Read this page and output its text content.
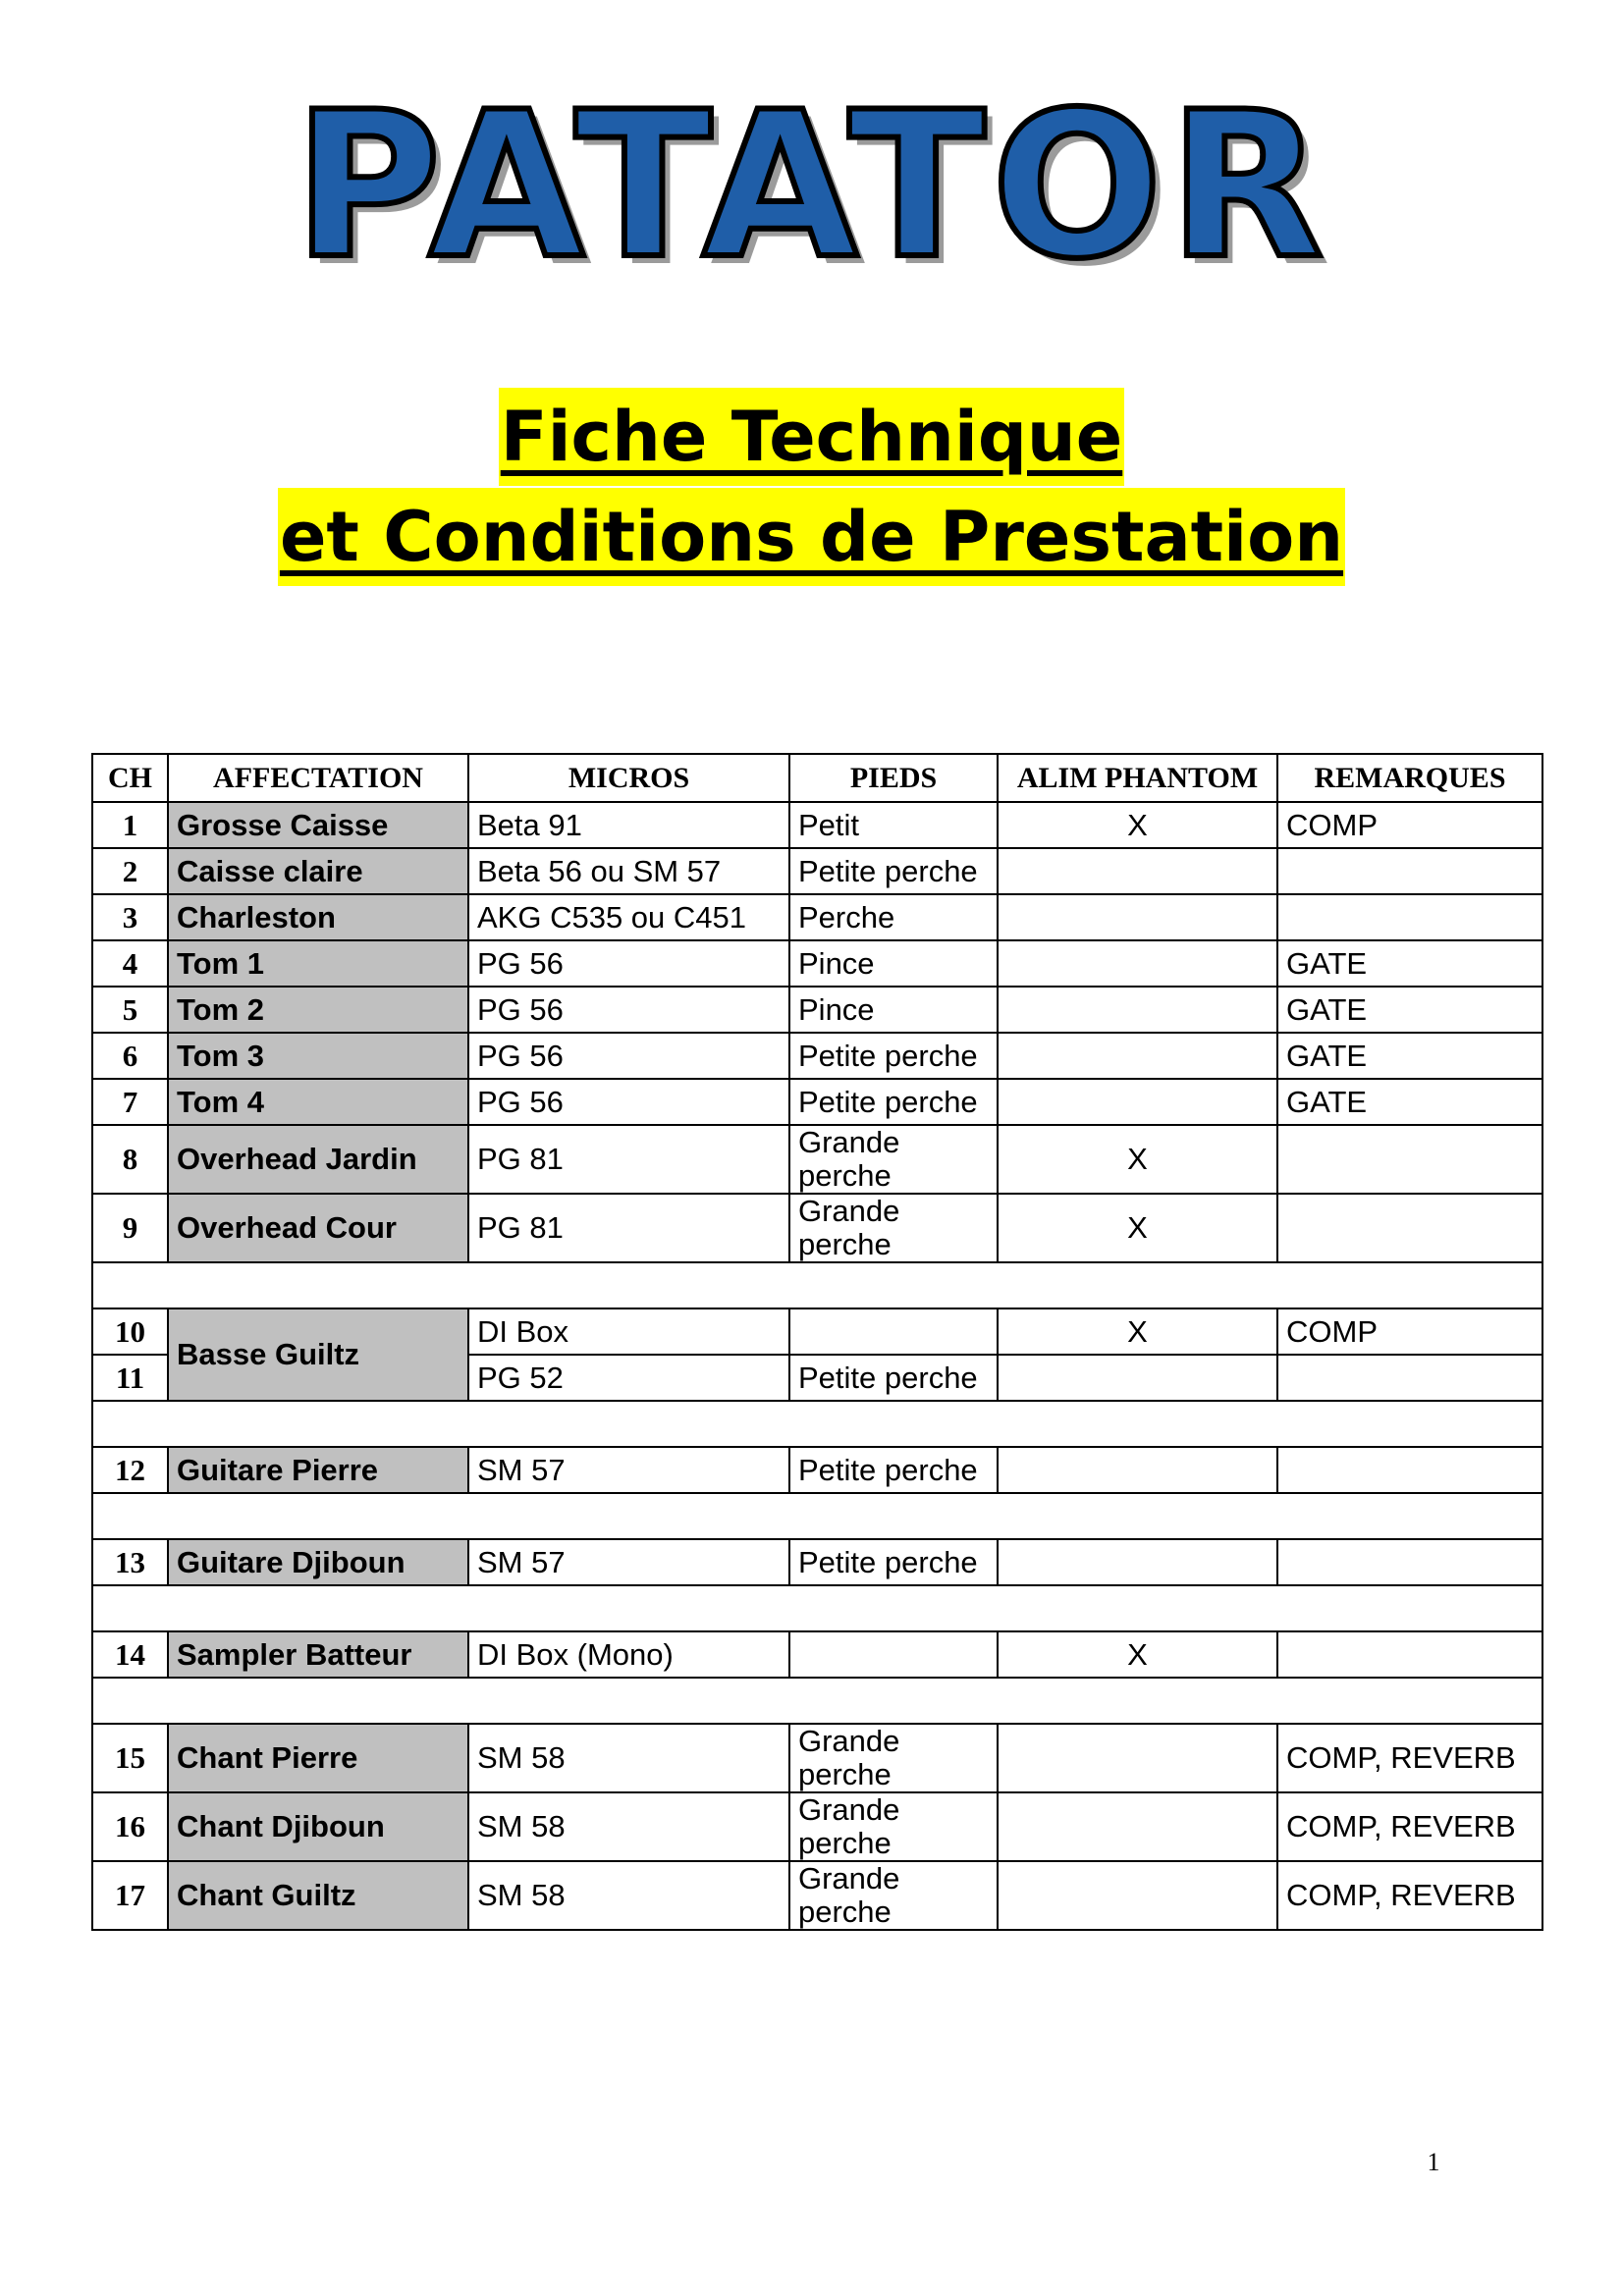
PATATOR
Fiche Technique
et Conditions de Prestation
CH	AFFECTATION	MICROS	PIEDS	ALIM PHANTOM	REMARQUES
1	Grosse Caisse	Beta 91	Petit	X	COMP
2	Caisse claire	Beta 56 ou SM 57	Petite perche		
3	Charleston	AKG C535 ou C451	Perche		
4	Tom 1	PG 56	Pince		GATE
5	Tom 2	PG 56	Pince		GATE
6	Tom 3	PG 56	Petite perche		GATE
7	Tom 4	PG 56	Petite perche		GATE
8	Overhead Jardin	PG 81	Grande perche	X	
9	Overhead Cour	PG 81	Grande perche	X	

10	Basse Guiltz	DI Box		X	COMP
11		PG 52	Petite perche		

12	Guitare Pierre	SM 57	Petite perche		

13	Guitare Djiboun	SM 57	Petite perche		

14	Sampler Batteur	DI Box (Mono)		X	

15	Chant Pierre	SM 58	Grande perche		COMP, REVERB
16	Chant Djiboun	SM 58	Grande perche		COMP, REVERB
17	Chant Guiltz	SM 58	Grande perche		COMP, REVERB
1
